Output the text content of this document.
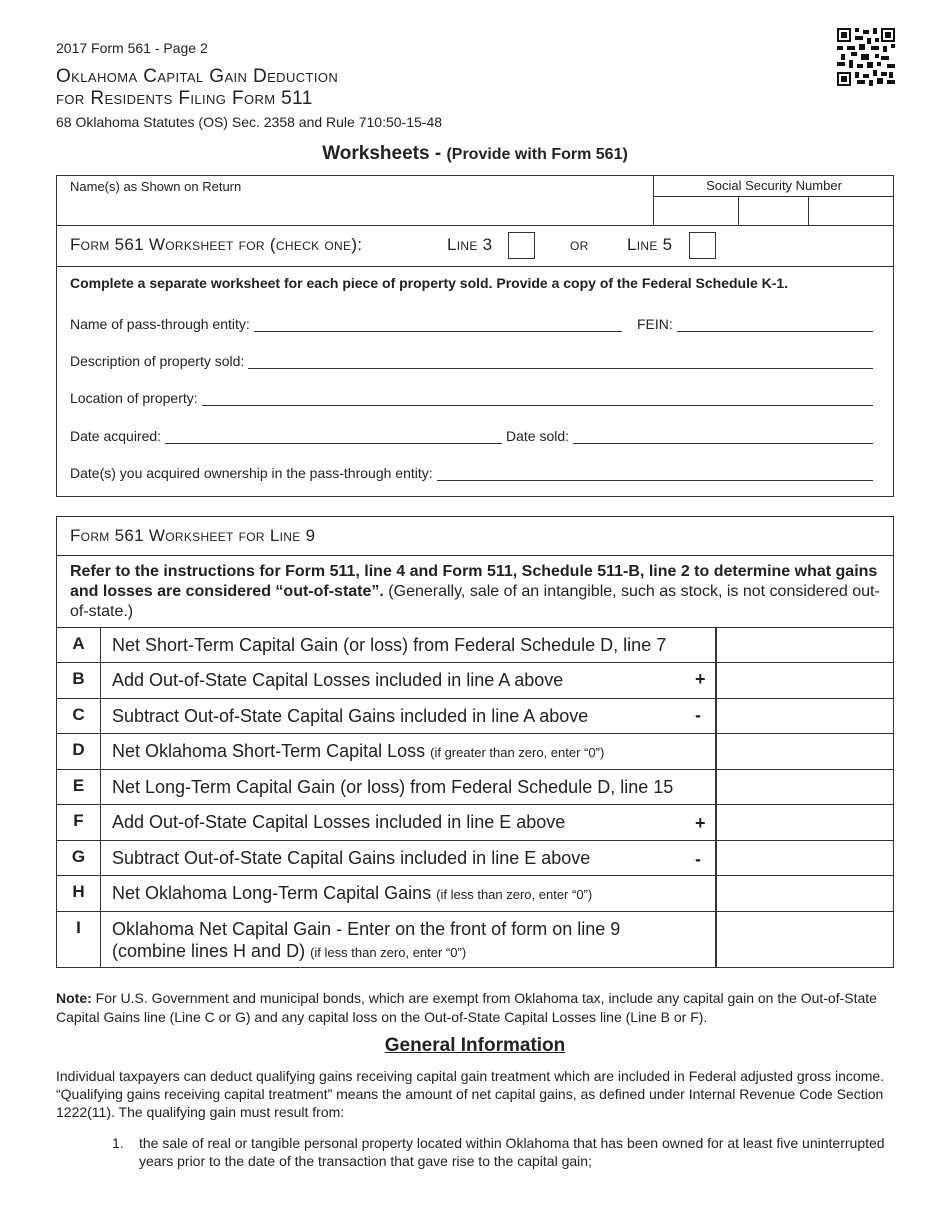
2017 Form 561 - Page 2
Oklahoma Capital Gain Deduction
for Residents Filing Form 511
68 Oklahoma Statutes (OS) Sec. 2358 and Rule 710:50-15-48
Worksheets - (Provide with Form 561)
Name(s) as Shown on Return	Social Security Number
Form 561 Worksheet for (check one):	Line 3	or Line 5
Complete a separate worksheet for each piece of property sold. Provide a copy of the Federal Schedule K-1.
Name of pass-through entity:	FEIN:
Description of property sold:
Location of property:
Date acquired:	Date sold:
Date(s) you acquired ownership in the pass-through entity:
Form 561 Worksheet for Line 9
Refer to the instructions for Form 511, line 4 and Form 511, Schedule 511-B, line 2 to determine what gains and losses are considered “out-of-state”. (Generally, sale of an intangible, such as stock, is not considered out-of-state.)
A	Net Short-Term Capital Gain (or loss) from Federal Schedule D, line 7
B	Add Out-of-State Capital Losses included in line A above	+
C	Subtract Out-of-State Capital Gains included in line A above	-
D	Net Oklahoma Short-Term Capital Loss (if greater than zero, enter “0”)
E	Net Long-Term Capital Gain (or loss) from Federal Schedule D, line 15
F	Add Out-of-State Capital Losses included in line E above	+
G	Subtract Out-of-State Capital Gains included in line E above	-
H	Net Oklahoma Long-Term Capital Gains (if less than zero, enter “0”)
I	Oklahoma Net Capital Gain - Enter on the front of form on line 9
(combine lines H and D) (if less than zero, enter “0”)
Note: For U.S. Government and municipal bonds, which are exempt from Oklahoma tax, include any capital gain on the Out-of-State Capital Gains line (Line C or G) and any capital loss on the Out-of-State Capital Losses line (Line B or F).
General Information
Individual taxpayers can deduct qualifying gains receiving capital gain treatment which are included in Federal adjusted gross income. “Qualifying gains receiving capital treatment” means the amount of net capital gains, as defined under Internal Revenue Code Section 1222(11). The qualifying gain must result from:
1.	the sale of real or tangible personal property located within Oklahoma that has been owned for at least five uninterrupted years prior to the date of the transaction that gave rise to the capital gain;
